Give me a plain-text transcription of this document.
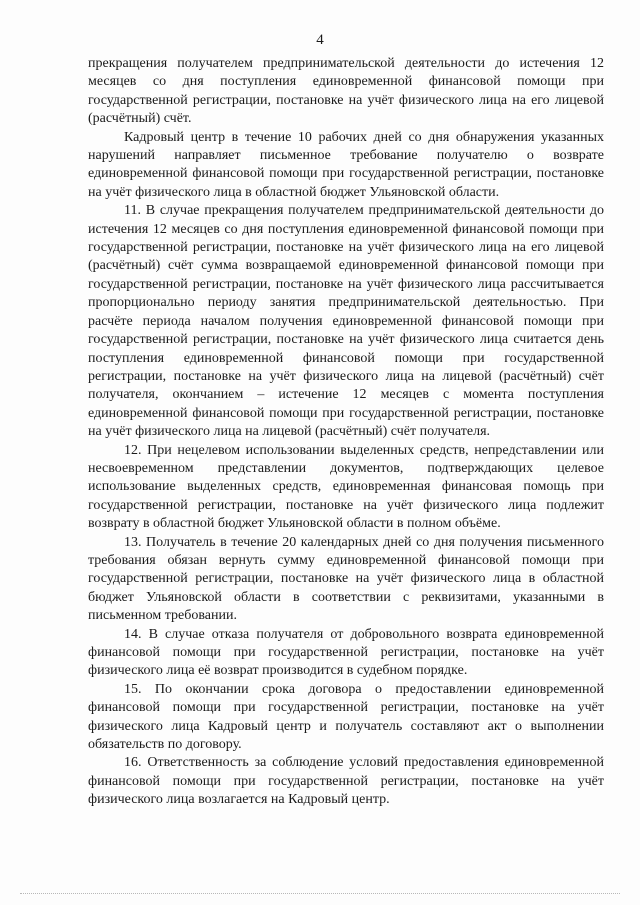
4

прекращения получателем предпринимательской деятельности до истечения 12 месяцев со дня поступления единовременной финансовой помощи при государственной регистрации, постановке на учёт физического лица на его лицевой (расчётный) счёт.

Кадровый центр в течение 10 рабочих дней со дня обнаружения указанных нарушений направляет письменное требование получателю о возврате единовременной финансовой помощи при государственной регистрации, постановке на учёт физического лица в областной бюджет Ульяновской области.

11. В случае прекращения получателем предпринимательской деятельности до истечения 12 месяцев со дня поступления единовременной финансовой помощи при государственной регистрации, постановке на учёт физического лица на его лицевой (расчётный) счёт сумма возвращаемой единовременной финансовой помощи при государственной регистрации, постановке на учёт физического лица рассчитывается пропорционально периоду занятия предпринимательской деятельностью. При расчёте периода началом получения единовременной финансовой помощи при государственной регистрации, постановке на учёт физического лица считается день поступления единовременной финансовой помощи при государственной регистрации, постановке на учёт физического лица на лицевой (расчётный) счёт получателя, окончанием – истечение 12 месяцев с момента поступления единовременной финансовой помощи при государственной регистрации, постановке на учёт физического лица на лицевой (расчётный) счёт получателя.

12. При нецелевом использовании выделенных средств, непредставлении или несвоевременном представлении документов, подтверждающих целевое использование выделенных средств, единовременная финансовая помощь при государственной регистрации, постановке на учёт физического лица подлежит возврату в областной бюджет Ульяновской области в полном объёме.

13. Получатель в течение 20 календарных дней со дня получения письменного требования обязан вернуть сумму единовременной финансовой помощи при государственной регистрации, постановке на учёт физического лица в областной бюджет Ульяновской области в соответствии с реквизитами, указанными в письменном требовании.

14. В случае отказа получателя от добровольного возврата единовременной финансовой помощи при государственной регистрации, постановке на учёт физического лица её возврат производится в судебном порядке.

15. По окончании срока договора о предоставлении единовременной финансовой помощи при государственной регистрации, постановке на учёт физического лица Кадровый центр и получатель составляют акт о выполнении обязательств по договору.

16. Ответственность за соблюдение условий предоставления единовременной финансовой помощи при государственной регистрации, постановке на учёт физического лица возлагается на Кадровый центр.
